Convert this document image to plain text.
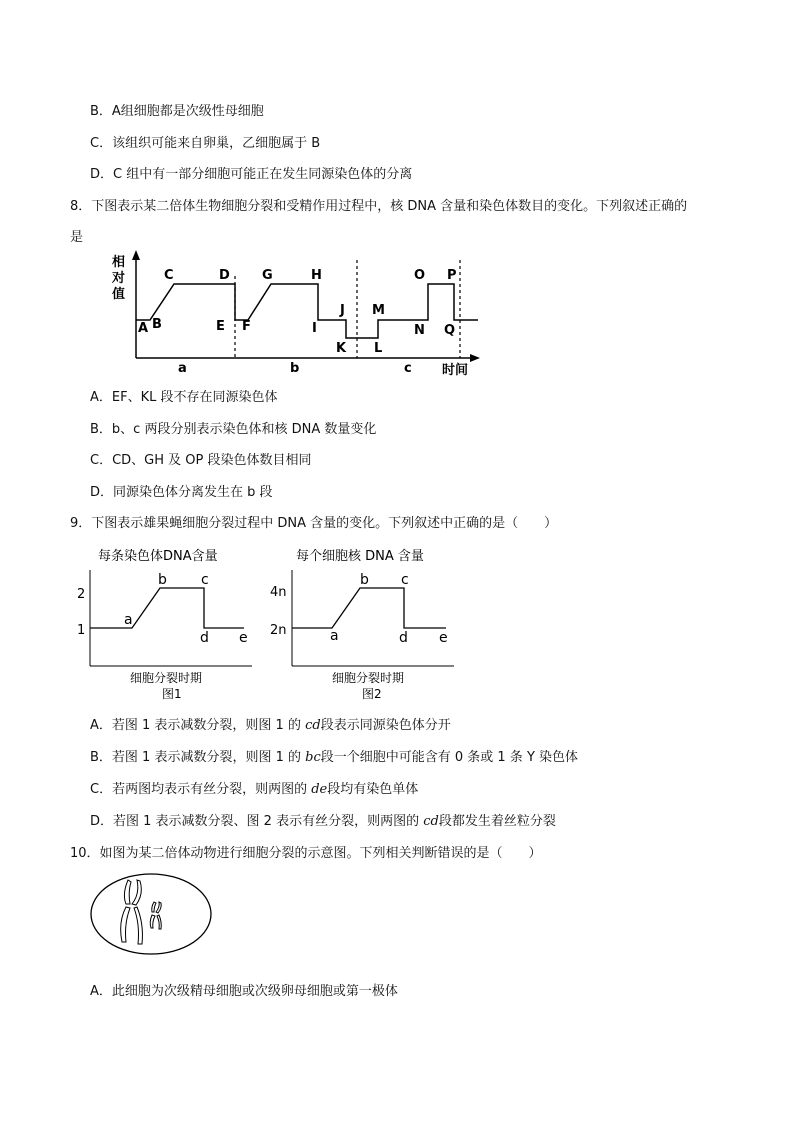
B．A组细胞都是次级性母细胞
C．该组织可能来自卵巢，乙细胞属于 B
D．C 组中有一部分细胞可能正在发生同源染色体的分离
8．下图表示某二倍体生物细胞分裂和受精作用过程中，核 DNA 含量和染色体数目的变化。下列叙述正确的
是
相
对
值
A B
C	D
E F
G	H
I
J
K L
M
N
O P
Q
a	b	c 时间
A．EF、KL 段不存在同源染色体
B．b、c 两段分别表示染色体和核 DNA 数量变化
C．CD、GH 及 OP 段染色体数目相同
D．同源染色体分离发生在 b 段
9．下图表示雄果蝇细胞分裂过程中 DNA 含量的变化。下列叙述中正确的是（　　）
每条染色体DNA含量
2
1
a
b c
d e
细胞分裂时期
图1
每个细胞核 DNA 含量
4n
2n	a
b c
d e
细胞分裂时期
图2
A．若图 1 表示减数分裂，则图 1 的 cd段表示同源染色体分开
B．若图 1 表示减数分裂，则图 1 的 bc段一个细胞中可能含有 0 条或 1 条 Y 染色体
C．若两图均表示有丝分裂，则两图的 de段均有染色单体
D．若图 1 表示减数分裂、图 2 表示有丝分裂，则两图的 cd段都发生着丝粒分裂
10．如图为某二倍体动物进行细胞分裂的示意图。下列相关判断错误的是（　　）
A．此细胞为次级精母细胞或次级卵母细胞或第一极体
